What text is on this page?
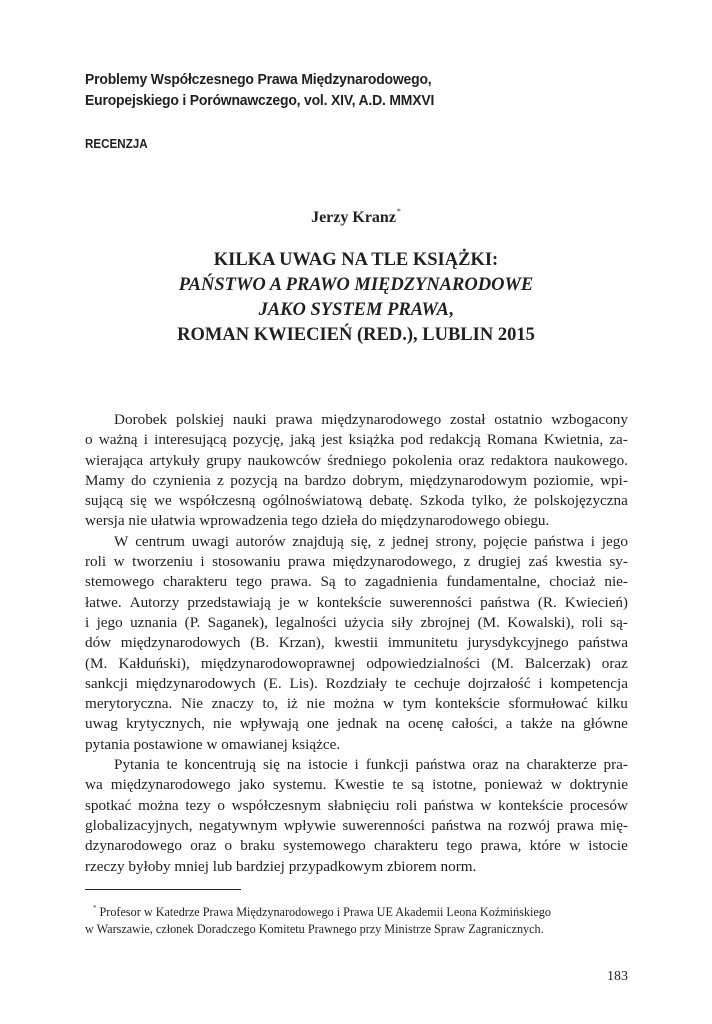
Problemy Współczesnego Prawa Międzynarodowego,
Europejskiego i Porównawczego, vol. XIV, A.D. MMXVI
RECENZJA
Jerzy Kranz*
KILKA UWAG NA TLE KSIĄŻKI:
PAŃSTWO A PRAWO MIĘDZYNARODOWE
JAKO SYSTEM PRAWA,
ROMAN KWIECIEŃ (RED.), LUBLIN 2015
Dorobek polskiej nauki prawa międzynarodowego został ostatnio wzbogacony
o ważną i interesującą pozycję, jaką jest książka pod redakcją Romana Kwietnia, za-
wierająca artykuły grupy naukowców średniego pokolenia oraz redaktora naukowego.
Mamy do czynienia z pozycją na bardzo dobrym, międzynarodowym poziomie, wpi-
sującą się we współczesną ogólnoświatową debatę. Szkoda tylko, że polskojęzyczna
wersja nie ułatwia wprowadzenia tego dzieła do międzynarodowego obiegu.
W centrum uwagi autorów znajdują się, z jednej strony, pojęcie państwa i jego
roli w tworzeniu i stosowaniu prawa międzynarodowego, z drugiej zaś kwestia sy-
stemowego charakteru tego prawa. Są to zagadnienia fundamentalne, chociaż nie-
łatwe. Autorzy przedstawiają je w kontekście suwerenności państwa (R. Kwiecień)
i jego uznania (P. Saganek), legalności użycia siły zbrojnej (M. Kowalski), roli są-
dów międzynarodowych (B. Krzan), kwestii immunitetu jurysdykcyjnego państwa
(M. Kałduński), międzynarodowoprawnej odpowiedzialności (M. Balcerzak) oraz
sankcji międzynarodowych (E. Lis). Rozdziały te cechuje dojrzałość i kompetencja
merytoryczna. Nie znaczy to, iż nie można w tym kontekście sformułować kilku
uwag krytycznych, nie wpływają one jednak na ocenę całości, a także na główne
pytania postawione w omawianej książce.
Pytania te koncentrują się na istocie i funkcji państwa oraz na charakterze pra-
wa międzynarodowego jako systemu. Kwestie te są istotne, ponieważ w doktrynie
spotkać można tezy o współczesnym słabnięciu roli państwa w kontekście procesów
globalizacyjnych, negatywnym wpływie suwerenności państwa na rozwój prawa mię-
dzynarodowego oraz o braku systemowego charakteru tego prawa, które w istocie
rzeczy byłoby mniej lub bardziej przypadkowym zbiorem norm.
* Profesor w Katedrze Prawa Międzynarodowego i Prawa UE Akademii Leona Koźmińskiego
w Warszawie, członek Doradczego Komitetu Prawnego przy Ministrze Spraw Zagranicznych.
183
